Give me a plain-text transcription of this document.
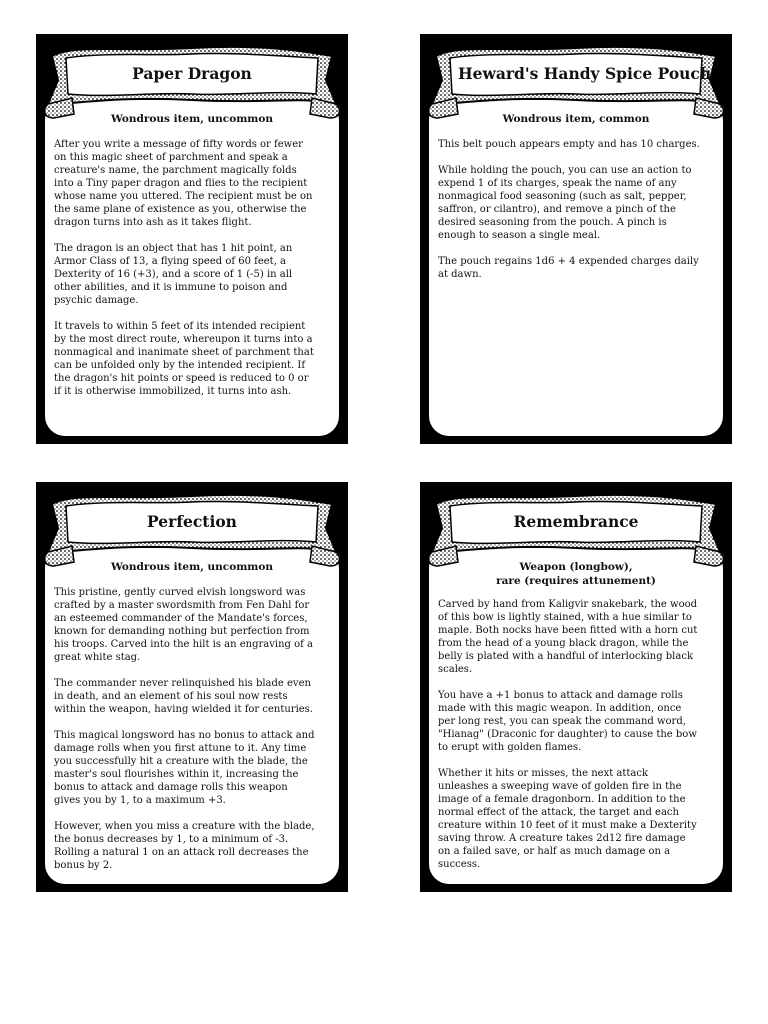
Paper Dragon
Wondrous item, uncommon

After you write a message of fifty words or fewer on this magic sheet of parchment and speak a creature's name, the parchment magically folds into a Tiny paper dragon and flies to the recipient whose name you uttered. The recipient must be on the same plane of existence as you, otherwise the dragon turns into ash as it takes flight.

The dragon is an object that has 1 hit point, an Armor Class of 13, a flying speed of 60 feet, a Dexterity of 16 (+3), and a score of 1 (-5) in all other abilities, and it is immune to poison and psychic damage.

It travels to within 5 feet of its intended recipient by the most direct route, whereupon it turns into a nonmagical and inanimate sheet of parchment that can be unfolded only by the intended recipient. If the dragon's hit points or speed is reduced to 0 or if it is otherwise immobilized, it turns into ash.

Heward's Handy Spice Pouch
Wondrous item, common

This belt pouch appears empty and has 10 charges.

While holding the pouch, you can use an action to expend 1 of its charges, speak the name of any nonmagical food seasoning (such as salt, pepper, saffron, or cilantro), and remove a pinch of the desired seasoning from the pouch. A pinch is enough to season a single meal.

The pouch regains 1d6 + 4 expended charges daily at dawn.

Perfection
Wondrous item, uncommon

This pristine, gently curved elvish longsword was crafted by a master swordsmith from Fen Dahl for an esteemed commander of the Mandate's forces, known for demanding nothing but perfection from his troops. Carved into the hilt is an engraving of a great white stag.

The commander never relinquished his blade even in death, and an element of his soul now rests within the weapon, having wielded it for centuries.

This magical longsword has no bonus to attack and damage rolls when you first attune to it. Any time you successfully hit a creature with the blade, the master's soul flourishes within it, increasing the bonus to attack and damage rolls this weapon gives you by 1, to a maximum +3.

However, when you miss a creature with the blade, the bonus decreases by 1, to a minimum of -3. Rolling a natural 1 on an attack roll decreases the bonus by 2.

Remembrance
Weapon (longbow),
rare (requires attunement)

Carved by hand from Kaligvir snakebark, the wood of this bow is lightly stained, with a hue similar to maple. Both nocks have been fitted with a horn cut from the head of a young black dragon, while the belly is plated with a handful of interlocking black scales.

You have a +1 bonus to attack and damage rolls made with this magic weapon. In addition, once per long rest, you can speak the command word, "Hianag" (Draconic for daughter) to cause the bow to erupt with golden flames.

Whether it hits or misses, the next attack unleashes a sweeping wave of golden fire in the image of a female dragonborn. In addition to the normal effect of the attack, the target and each creature within 10 feet of it must make a Dexterity saving throw. A creature takes 2d12 fire damage on a failed save, or half as much damage on a success.
